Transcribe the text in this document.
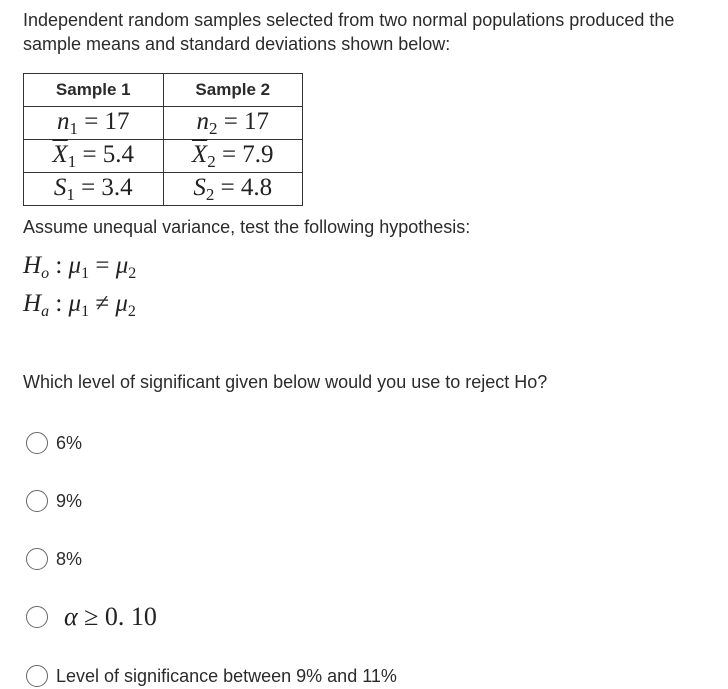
Independent random samples selected from two normal populations produced the sample means and standard deviations shown below:

Sample 1	Sample 2
$n_1 = 17$	$n_2 = 17$
$\overline{X}_1 = 5.4$	$\overline{X}_2 = 7.9$
$S_1 = 3.4$	$S_2 = 4.8$

Assume unequal variance, test the following hypothesis:

$H_o$ : $\mu_1 = \mu_2$
$H_a$ : $\mu_1 \ne \mu_2$

Which level of significant given below would you use to reject Ho?

6%
9%
8%
α ≥ 0. 10
Level of significance between 9% and 11%
